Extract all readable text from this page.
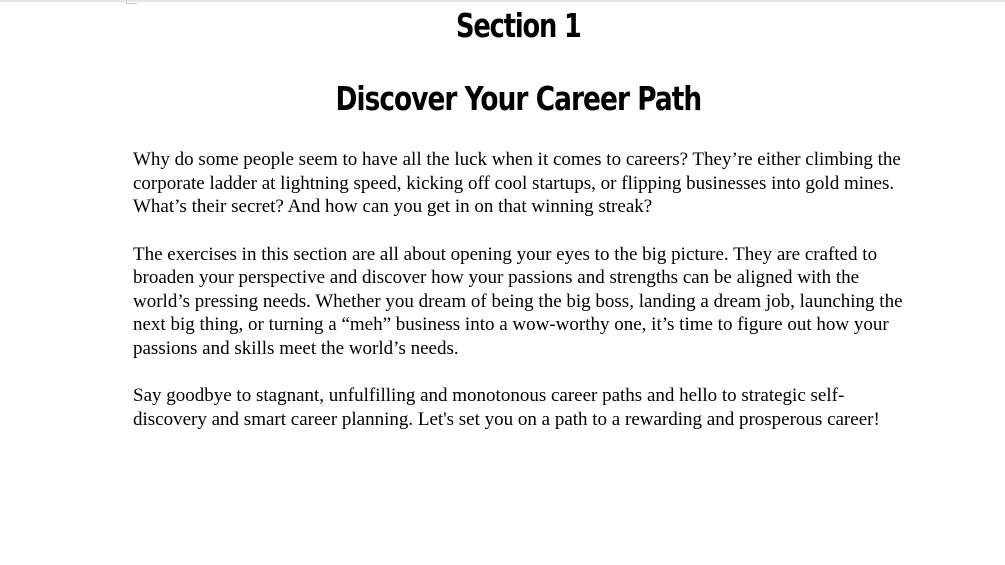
Section 1
Discover Your Career Path

Why do some people seem to have all the luck when it comes to careers? They’re either climbing the corporate ladder at lightning speed, kicking off cool startups, or flipping businesses into gold mines. What’s their secret? And how can you get in on that winning streak?

The exercises in this section are all about opening your eyes to the big picture. They are crafted to broaden your perspective and discover how your passions and strengths can be aligned with the world’s pressing needs. Whether you dream of being the big boss, landing a dream job, launching the next big thing, or turning a “meh” business into a wow-worthy one, it’s time to figure out how your passions and skills meet the world’s needs.

Say goodbye to stagnant, unfulfilling and monotonous career paths and hello to strategic self-discovery and smart career planning. Let's set you on a path to a rewarding and prosperous career!
